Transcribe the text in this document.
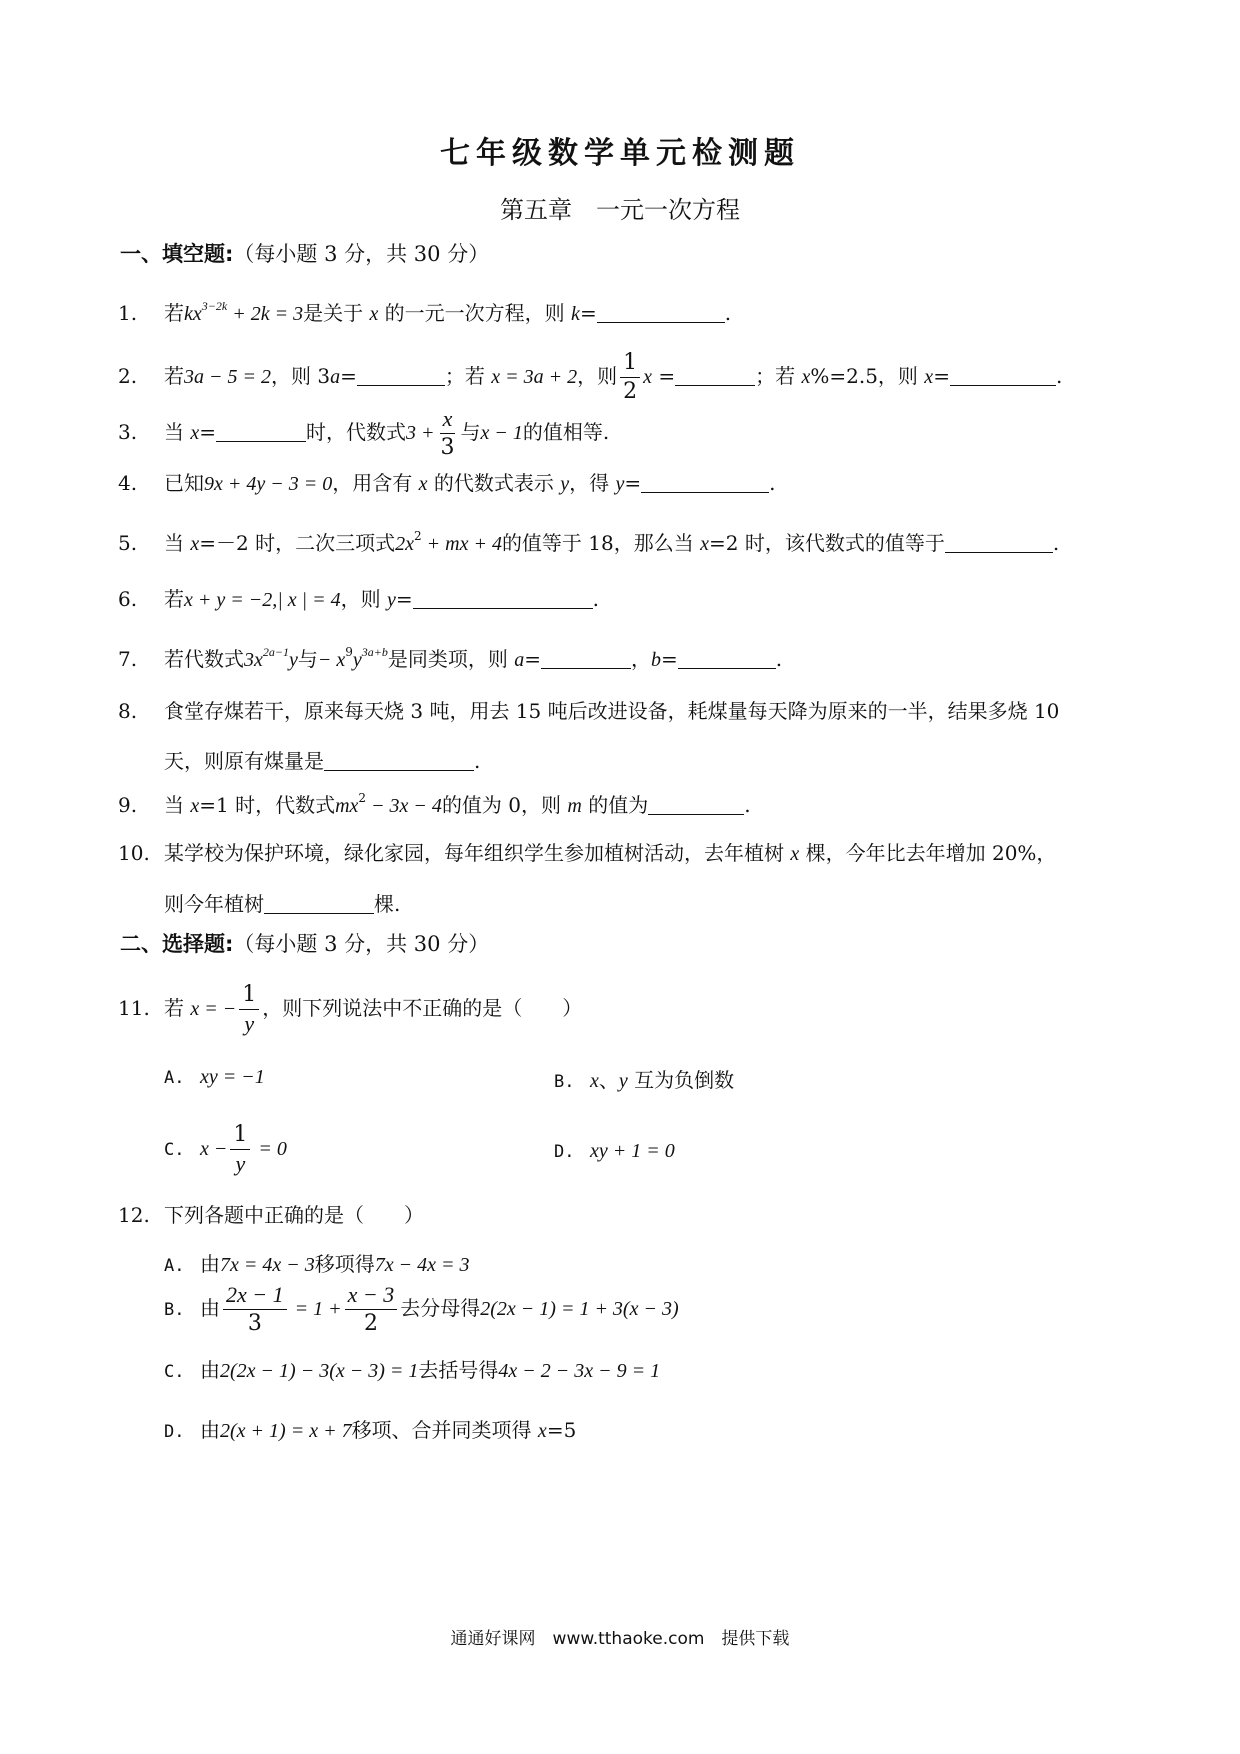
七年级数学单元检测题
第五章　一元一次方程
一、填空题:（每小题 3 分，共 30 分）
1. 若$kx^{3-2k} + 2k = 3$是关于 x 的一元一次方程，则 k=	.
2. 若3a − 5 = 2，则 3a=	；若 x = 3a + 2，则 $\frac{1}{2}$ x =	；若 x%=2.5，则 x=	.
3. 当 x=	时，代数式$3 + \frac{x}{3}$ 与x − 1的值相等.
4. 已知9x + 4y − 3 = 0，用含有 x 的代数式表示 y，得 y=	.
5. 当 x=－2 时，二次三项式$2x^2$ + mx + 4的值等于 18，那么当 x=2 时，该代数式的值等于	.
6. 若x + y = −2,| x | = 4，则 y=	.
7. 若代数式$3x^{2a-1}y$与− $x^9y^{3a+b}$是同类项，则 a=	，b=	.
8. 食堂存煤若干，原来每天烧 3 吨，用去 15 吨后改进设备，耗煤量每天降为原来的一半，结果多烧 10
天，则原有煤量是	.
9. 当 x=1 时，代数式$mx^2 - 3x - 4$的值为 0，则 m 的值为	.
10. 某学校为保护环境，绿化家园，每年组织学生参加植树活动，去年植树 x 棵，今年比去年增加 20%，
则今年植树	棵.
二、选择题:（每小题 3 分，共 30 分）
11. 若 x = − $\frac{1}{y}$ ，则下列说法中不正确的是（　　）
A. xy = −1	B. x、y 互为负倒数
C. $x - \frac{1}{y} = 0$	D. xy + 1 = 0
12. 下列各题中正确的是（　　）
A. 由7x = 4x − 3移项得7x − 4x = 3
B. 由 $\frac{2x - 1}{3} = 1 + \frac{x - 3}{2}$ 去分母得2(2x − 1) = 1 + 3(x − 3)
C. 由2(2x − 1) − 3(x − 3) = 1去括号得4x − 2 − 3x − 9 = 1
D. 由2(x + 1) = x + 7移项、合并同类项得 x=5
通通好课网　www.tthaoke.com　提供下载
